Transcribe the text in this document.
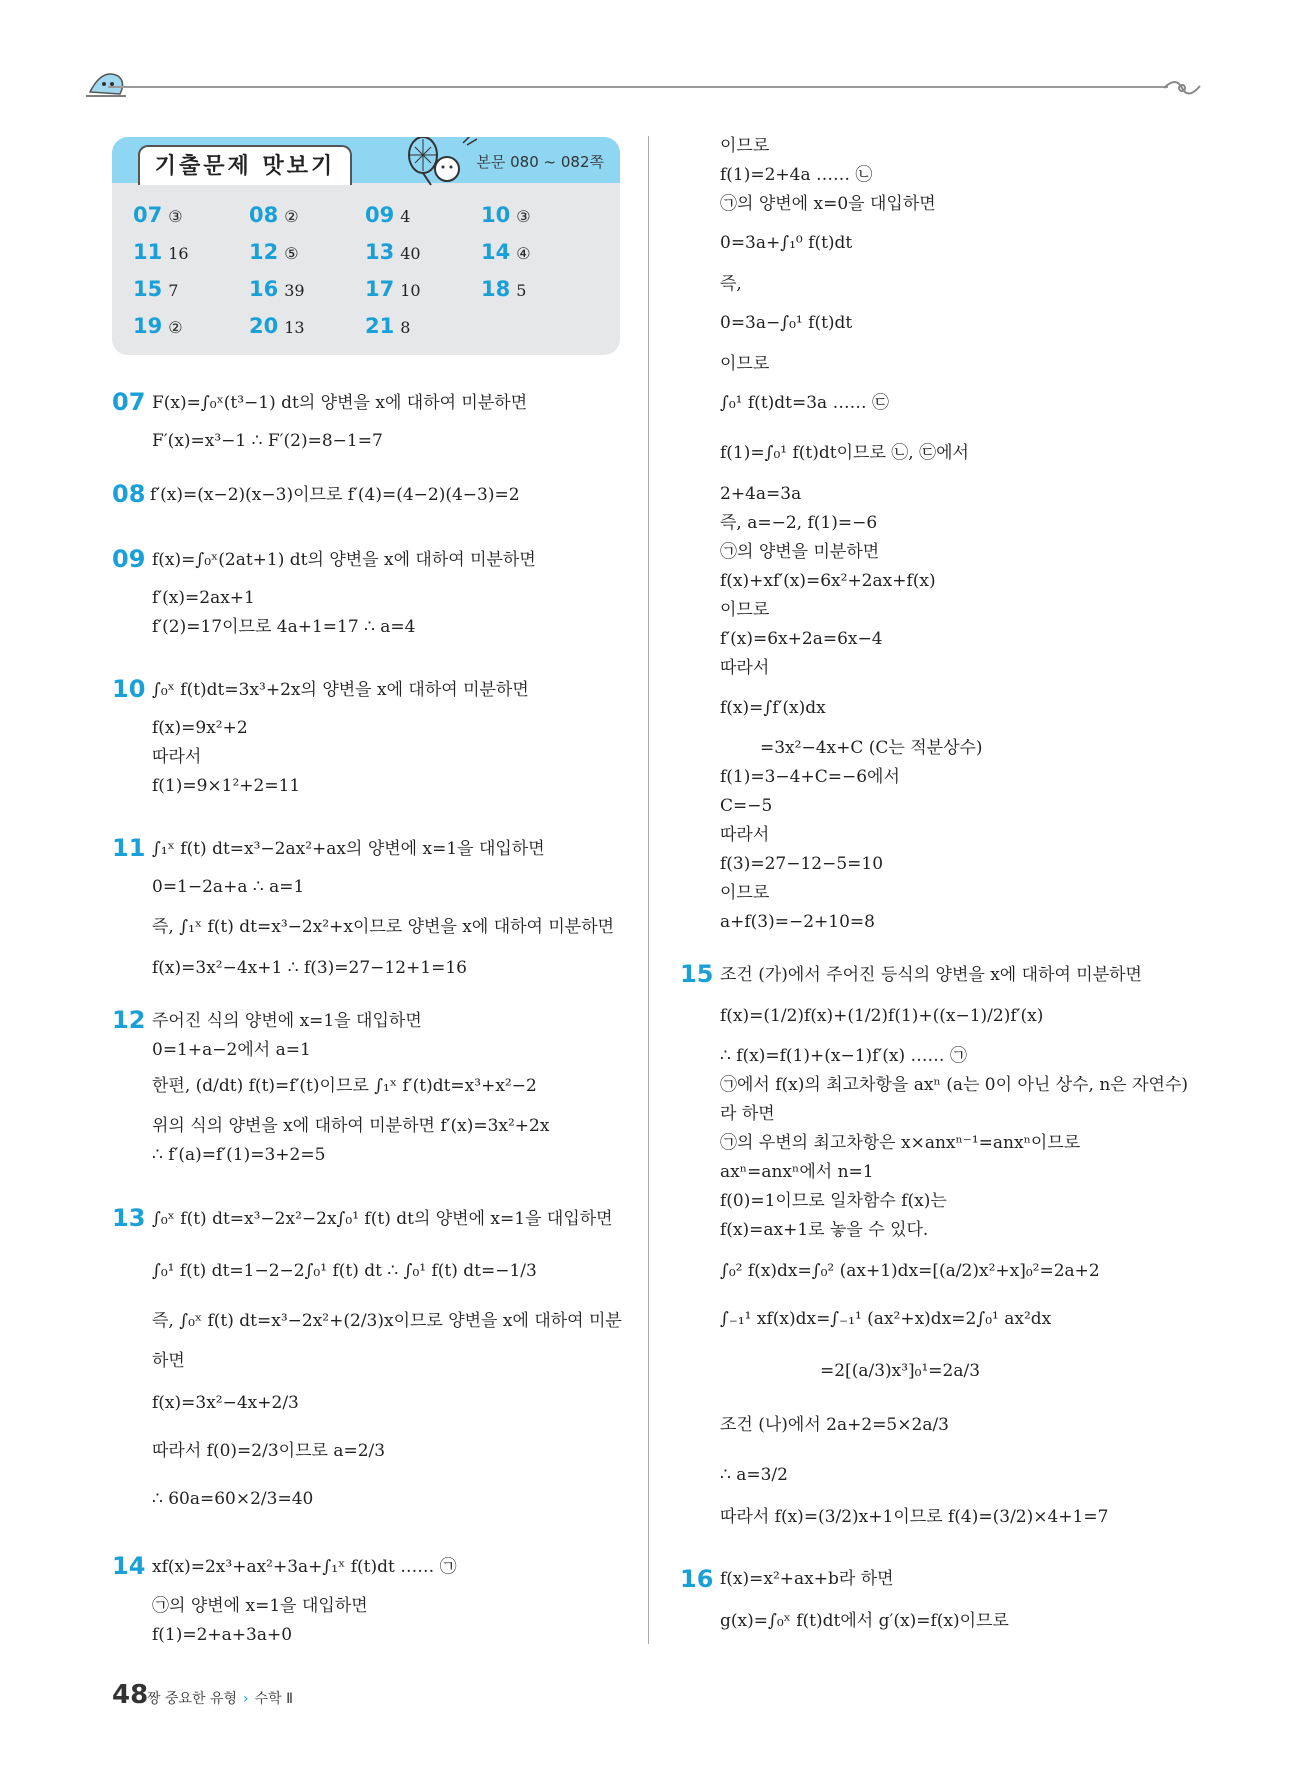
기출문제 맛보기	본문 080 ~ 082쪽
07 ③	08 ②	09 4	10 ③
11 16	12 ⑤	13 40	14 ④
15 7	16 39	17 10	18 5
19 ②	20 13	21 8
07
08
09
10
11
12
13
14
F(x)=∫₀ˣ(t³−1) dt의 양변을 x에 대하여 미분하면
F′(x)=x³−1 ∴ F′(2)=8−1=7
f′(x)=(x−2)(x−3)이므로 f′(4)=(4−2)(4−3)=2
f(x)=∫₀ˣ(2at+1) dt의 양변을 x에 대하여 미분하면
f′(x)=2ax+1
f′(2)=17이므로 4a+1=17 ∴ a=4
∫₀ˣ f(t)dt=3x³+2x의 양변을 x에 대하여 미분하면
f(x)=9x²+2
따라서
f(1)=9×1²+2=11
∫₁ˣ f(t) dt=x³−2ax²+ax의 양변에 x=1을 대입하면
0=1−2a+a ∴ a=1
즉, ∫₁ˣ f(t) dt=x³−2x²+x이므로 양변을 x에 대하여 미분하면
f(x)=3x²−4x+1 ∴ f(3)=27−12+1=16
주어진 식의 양변에 x=1을 대입하면
0=1+a−2에서 a=1
한편, (d/dt) f(t)=f′(t)이므로 ∫₁ˣ f′(t)dt=x³+x²−2
위의 식의 양변을 x에 대하여 미분하면 f′(x)=3x²+2x
∴ f′(a)=f′(1)=3+2=5
∫₀ˣ f(t) dt=x³−2x²−2x∫₀¹ f(t) dt의 양변에 x=1을 대입하면
∫₀¹ f(t) dt=1−2−2∫₀¹ f(t) dt ∴ ∫₀¹ f(t) dt=−1/3
즉, ∫₀ˣ f(t) dt=x³−2x²+(2/3)x이므로 양변을 x에 대하여 미분
하면
f(x)=3x²−4x+2/3
따라서 f(0)=2/3이므로 a=2/3
∴ 60a=60×2/3=40
xf(x)=2x³+ax²+3a+∫₁ˣ f(t)dt …… ㉠
㉠의 양변에 x=1을 대입하면
f(1)=2+a+3a+0
15
16
이므로
f(1)=2+4a …… ㉡
㉠의 양변에 x=0을 대입하면
0=3a+∫₁⁰ f(t)dt
즉,
0=3a−∫₀¹ f(t)dt
이므로
∫₀¹ f(t)dt=3a …… ㉢
f(1)=∫₀¹ f(t)dt이므로 ㉡, ㉢에서
2+4a=3a
즉, a=−2, f(1)=−6
㉠의 양변을 미분하면
f(x)+xf′(x)=6x²+2ax+f(x)
이므로
f′(x)=6x+2a=6x−4
따라서
f(x)=∫f′(x)dx
=3x²−4x+C (C는 적분상수)
f(1)=3−4+C=−6에서
C=−5
따라서
f(3)=27−12−5=10
이므로
a+f(3)=−2+10=8
조건 (가)에서 주어진 등식의 양변을 x에 대하여 미분하면
f(x)=(1/2)f(x)+(1/2)f(1)+((x−1)/2)f′(x)
∴ f(x)=f(1)+(x−1)f′(x) …… ㉠
㉠에서 f(x)의 최고차항을 axⁿ (a는 0이 아닌 상수, n은 자연수)
라 하면
㉠의 우변의 최고차항은 x×anxⁿ⁻¹=anxⁿ이므로
axⁿ=anxⁿ에서 n=1
f(0)=1이므로 일차함수 f(x)는
f(x)=ax+1로 놓을 수 있다.
∫₀² f(x)dx=∫₀² (ax+1)dx=[(a/2)x²+x]₀²=2a+2
∫₋₁¹ xf(x)dx=∫₋₁¹ (ax²+x)dx=2∫₀¹ ax²dx
=2[(a/3)x³]₀¹=2a/3
조건 (나)에서 2a+2=5×2a/3
∴ a=3/2
따라서 f(x)=(3/2)x+1이므로 f(4)=(3/2)×4+1=7
f(x)=x²+ax+b라 하면
g(x)=∫₀ˣ f(t)dt에서 g′(x)=f(x)이므로
48
짱 중요한 유형 › 수학 Ⅱ
